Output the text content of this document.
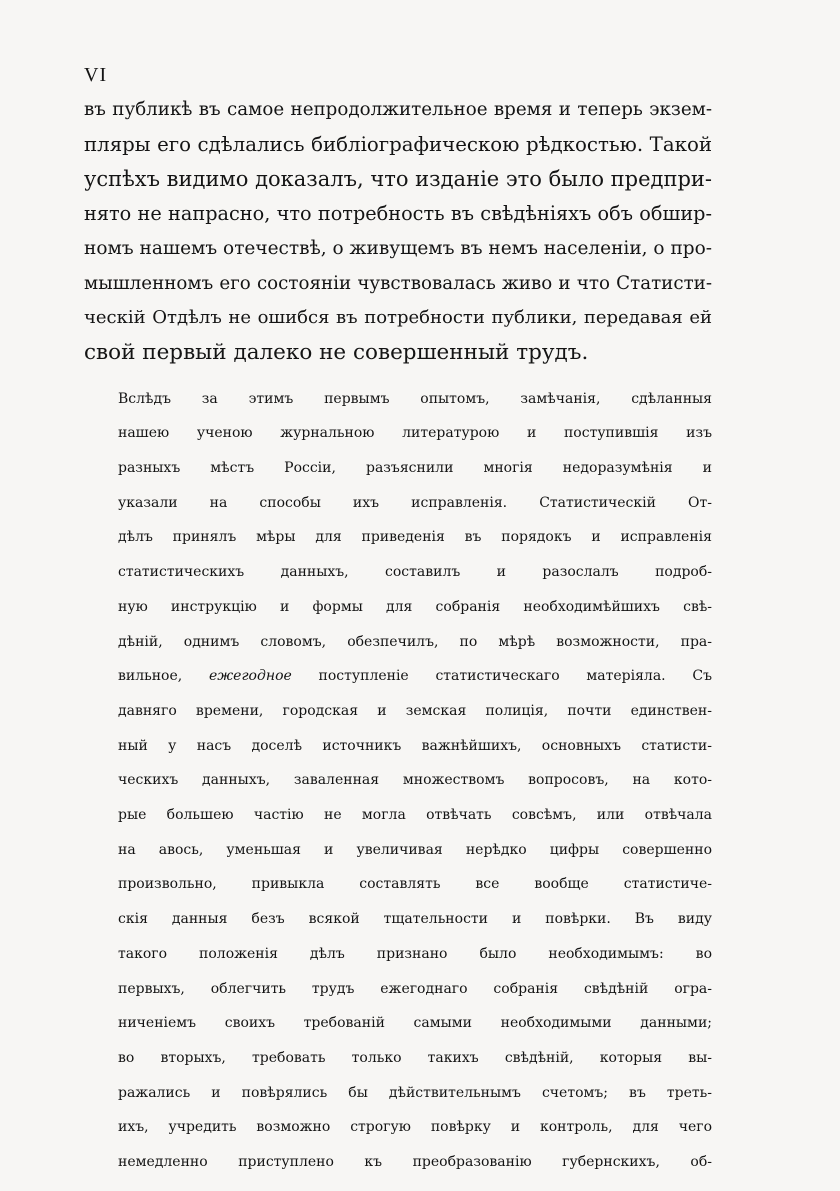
VI

въ публикѣ въ самое непродолжительное время и теперь экзем-
пляры его сдѣлались библіографическою рѣдкостью. Такой
успѣхъ видимо доказалъ, что изданіе это было предпри-
нято не напрасно, что потребность въ свѣдѣніяхъ объ обшир-
номъ нашемъ отечествѣ, о живущемъ въ немъ населеніи, о про-
мышленномъ его состояніи чувствовалась живо и что Статисти-
ческій Отдѣлъ не ошибся въ потребности публики, передавая ей
свой первый далеко не совершенный трудъ.

Вслѣдъ за этимъ первымъ опытомъ, замѣчанія, сдѣланныя
нашею ученою журнальною литературою и поступившія изъ
разныхъ мѣстъ Россіи, разъяснили многія недоразумѣнія и
указали на способы ихъ исправленія. Статистическій От-
дѣлъ принялъ мѣры для приведенія въ порядокъ и исправленія
статистическихъ данныхъ, составилъ и разослалъ подроб-
ную инструкцію и формы для собранія необходимѣйшихъ свѣ-
дѣній, однимъ словомъ, обезпечилъ, по мѣрѣ возможности, пра-
вильное, ежегодное поступленіе статистическаго матеріяла. Съ
давняго времени, городская и земская полиція, почти единствен-
ный у насъ доселѣ источникъ важнѣйшихъ, основныхъ статисти-
ческихъ данныхъ, заваленная множествомъ вопросовъ, на кото-
рые большею частію не могла отвѣчать совсѣмъ, или отвѣчала
на авось, уменьшая и увеличивая нерѣдко цифры совершенно
произвольно, привыкла составлять все вообще статистиче-
скія данныя безъ всякой тщательности и повѣрки. Въ виду
такого положенія дѣлъ признано было необходимымъ: во
первыхъ, облегчить трудъ ежегоднаго собранія свѣдѣній огра-
ниченіемъ своихъ требованій самыми необходимыми данными;
во вторыхъ, требовать только такихъ свѣдѣній, которыя вы-
ражались и повѣрялись бы дѣйствительнымъ счетомъ; въ треть-
ихъ, учредить возможно строгую повѣрку и контроль, для чего
немедленно приступлено къ преобразованію губернскихъ, об-
